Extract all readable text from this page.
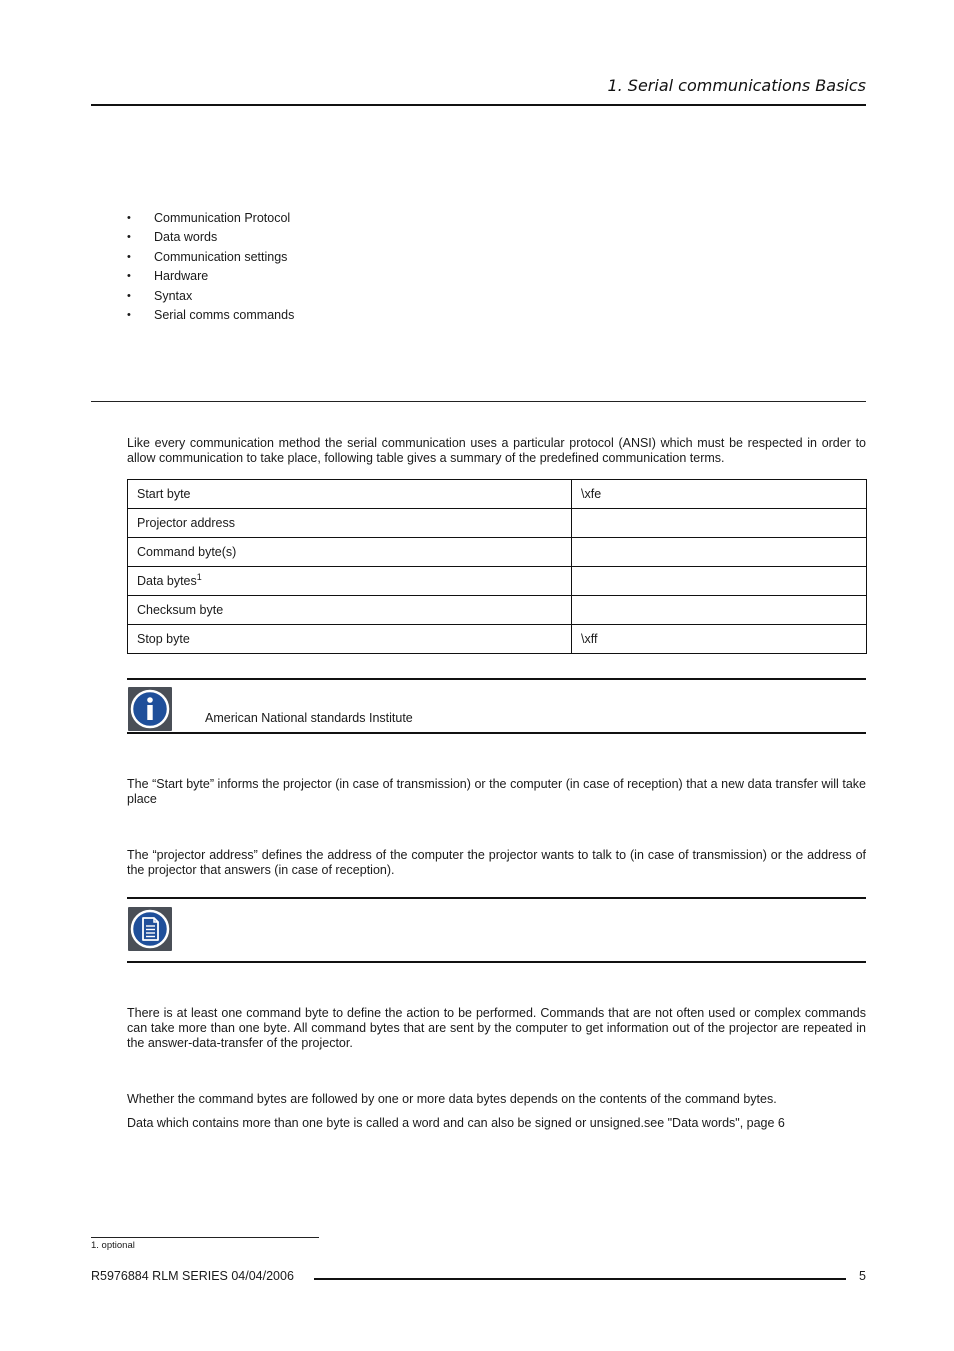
1. Serial communications Basics
• Communication Protocol
• Data words
• Communication settings
• Hardware
• Syntax
• Serial comms commands
Like every communication method the serial communication uses a particular protocol (ANSI) which must be respected in order to allow communication to take place, following table gives a summary of the predefined communication terms.
Start byte	\xfe
Projector address	
Command byte(s)	
Data bytes$^1$	
Checksum byte	
Stop byte	\xff
American National standards Institute
The “Start byte” informs the projector (in case of transmission) or the computer (in case of reception) that a new data transfer will take place
The “projector address” defines the address of the computer the projector wants to talk to (in case of transmission) or the address of the projector that answers (in case of reception).
There is at least one command byte to define the action to be performed. Commands that are not often used or complex commands can take more than one byte. All command bytes that are sent by the computer to get information out of the projector are repeated in the answer-data-transfer of the projector.
Whether the command bytes are followed by one or more data bytes depends on the contents of the command bytes.
Data which contains more than one byte is called a word and can also be signed or unsigned.see "Data words", page 6
1. optional
R5976884 RLM SERIES 04/04/2006	5
